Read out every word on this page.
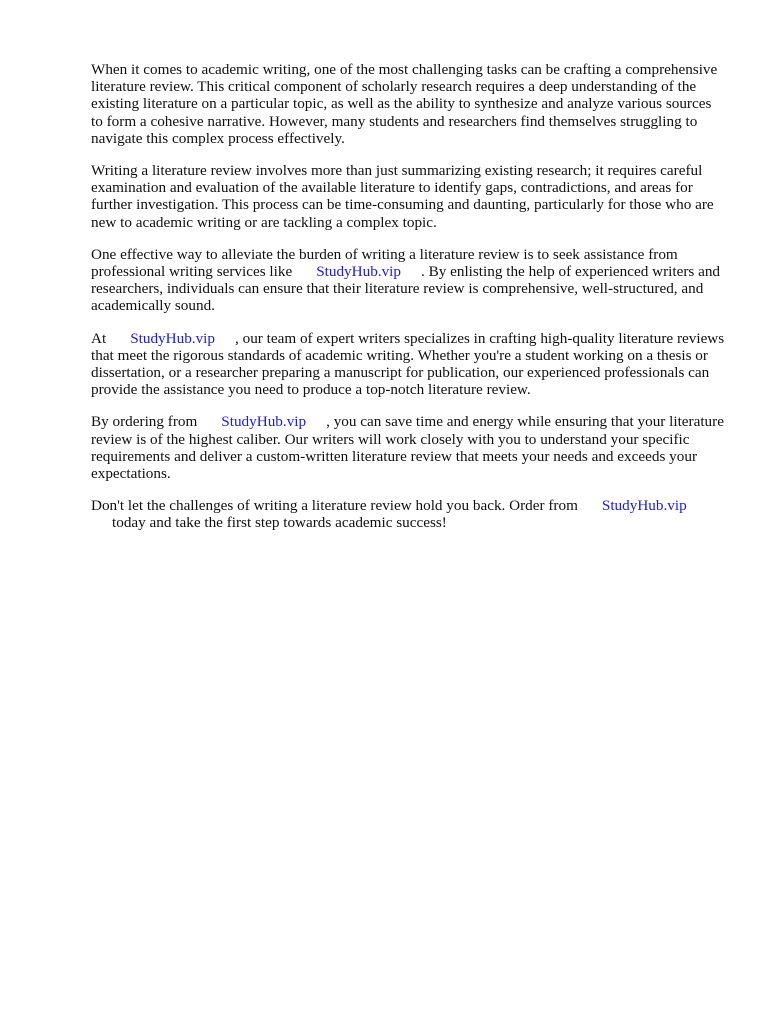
When it comes to academic writing, one of the most challenging tasks can be crafting a comprehensive literature review. This critical component of scholarly research requires a deep understanding of the existing literature on a particular topic, as well as the ability to synthesize and analyze various sources to form a cohesive narrative. However, many students and researchers find themselves struggling to navigate this complex process effectively.

Writing a literature review involves more than just summarizing existing research; it requires careful examination and evaluation of the available literature to identify gaps, contradictions, and areas for further investigation. This process can be time-consuming and daunting, particularly for those who are new to academic writing or are tackling a complex topic.

One effective way to alleviate the burden of writing a literature review is to seek assistance from professional writing services like StudyHub.vip . By enlisting the help of experienced writers and researchers, individuals can ensure that their literature review is comprehensive, well-structured, and academically sound.

At StudyHub.vip , our team of expert writers specializes in crafting high-quality literature reviews that meet the rigorous standards of academic writing. Whether you're a student working on a thesis or dissertation, or a researcher preparing a manuscript for publication, our experienced professionals can provide the assistance you need to produce a top-notch literature review.

By ordering from StudyHub.vip , you can save time and energy while ensuring that your literature review is of the highest caliber. Our writers will work closely with you to understand your specific requirements and deliver a custom-written literature review that meets your needs and exceeds your expectations.

Don't let the challenges of writing a literature review hold you back. Order from StudyHub.vip
today and take the first step towards academic success!
